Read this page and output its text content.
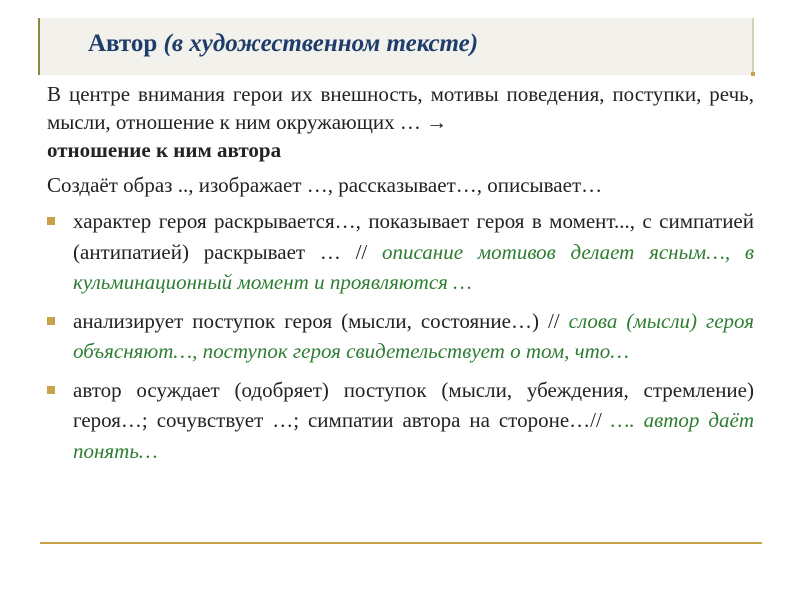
Автор (в художественном тексте)

В центре внимания герои их внешность, мотивы поведения, поступки, речь, мысли, отношение к ним окружающих … →
отношение к ним автора

Создаёт образ .., изображает …, рассказывает…, описывает…

характер героя раскрывается…, показывает героя в момент..., с симпатией (антипатией) раскрывает … // описание мотивов делает ясным…, в кульминационный момент и проявляются …
анализирует поступок героя (мысли, состояние…) // слова (мысли) героя объясняют…, поступок героя свидетельствует о том, что…
автор осуждает (одобряет) поступок (мысли, убеждения, стремление) героя…; сочувствует …; симпатии автора на стороне…// …. автор даёт понять…
